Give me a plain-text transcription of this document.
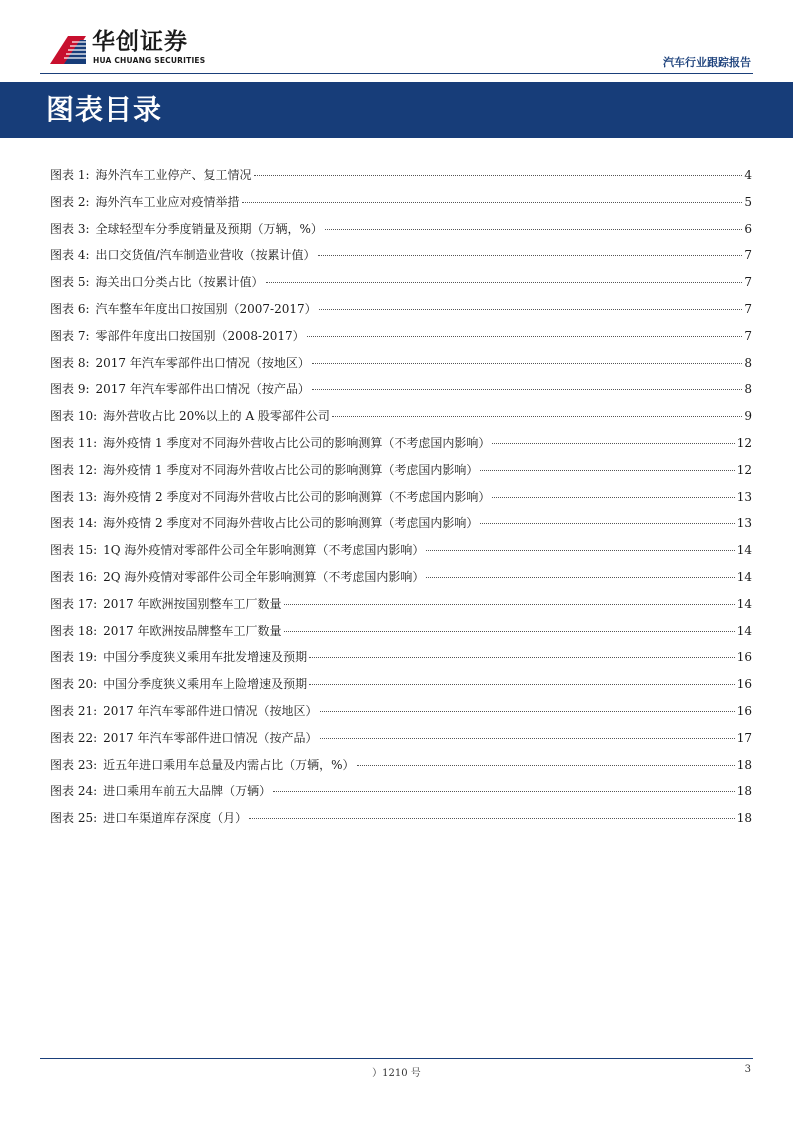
华创证券
HUA CHUANG SECURITIES	汽车行业跟踪报告
图表目录
图表 1: 海外汽车工业停产、复工情况	4
图表 2: 海外汽车工业应对疫情举措	5
图表 3: 全球轻型车分季度销量及预期（万辆，%）	6
图表 4: 出口交货值/汽车制造业营收（按累计值）	7
图表 5: 海关出口分类占比（按累计值）	7
图表 6: 汽车整车年度出口按国别（2007-2017）	7
图表 7: 零部件年度出口按国别（2008-2017）	7
图表 8: 2017 年汽车零部件出口情况（按地区）	8
图表 9: 2017 年汽车零部件出口情况（按产品）	8
图表 10: 海外营收占比 20%以上的 A 股零部件公司	9
图表 11: 海外疫情 1 季度对不同海外营收占比公司的影响测算（不考虑国内影响）	12
图表 12: 海外疫情 1 季度对不同海外营收占比公司的影响测算（考虑国内影响）	12
图表 13: 海外疫情 2 季度对不同海外营收占比公司的影响测算（不考虑国内影响）	13
图表 14: 海外疫情 2 季度对不同海外营收占比公司的影响测算（考虑国内影响）	13
图表 15: 1Q 海外疫情对零部件公司全年影响测算（不考虑国内影响）	14
图表 16: 2Q 海外疫情对零部件公司全年影响测算（不考虑国内影响）	14
图表 17: 2017 年欧洲按国别整车工厂数量	14
图表 18: 2017 年欧洲按品牌整车工厂数量	14
图表 19: 中国分季度狭义乘用车批发增速及预期	16
图表 20: 中国分季度狭义乘用车上险增速及预期	16
图表 21: 2017 年汽车零部件进口情况（按地区）	16
图表 22: 2017 年汽车零部件进口情况（按产品）	17
图表 23: 近五年进口乘用车总量及内需占比（万辆，%）	18
图表 24: 进口乘用车前五大品牌（万辆）	18
图表 25: 进口车渠道库存深度（月）	18
）1210 号	3
